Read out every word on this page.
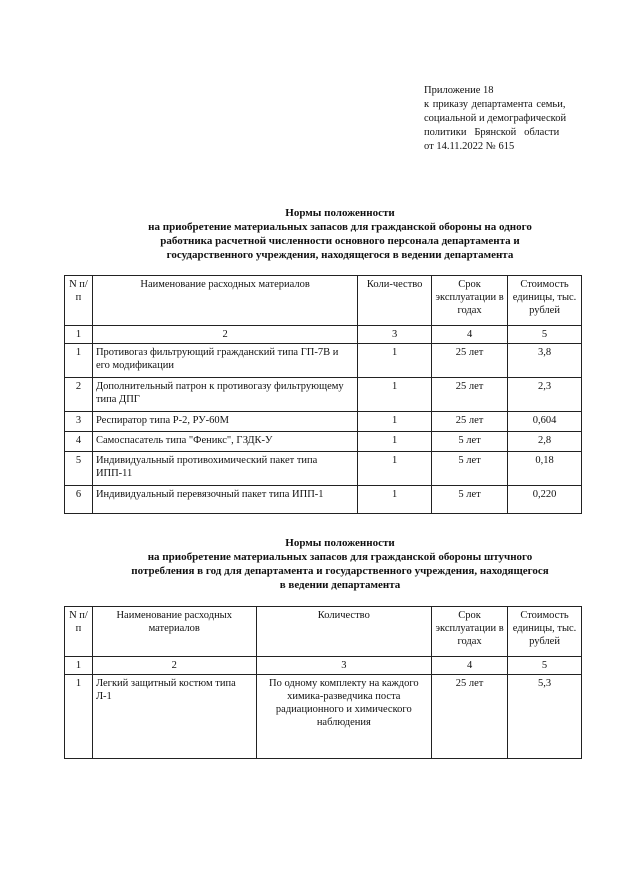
Приложение 18
к приказу департамента семьи,
социальной и демографической
политики   Брянской   области
от 14.11.2022 № 615
Нормы положенности
на приобретение материальных запасов для гражданской обороны на одного
работника расчетной численности основного персонала департамента и
государственного учреждения, находящегося в ведении департамента
N п/п	Наименование расходных материалов	Коли-чество	Срок эксплуатации в годах	Стоимость единицы, тыс. рублей
1	2	3	4	5
1	Противогаз фильтрующий гражданский типа ГП-7В и его модификации	1	25 лет	3,8
2	Дополнительный патрон к противогазу фильтрующему типа ДПГ	1	25 лет	2,3
3	Респиратор типа Р-2, РУ-60М	1	25 лет	0,604
4	Самоспасатель типа "Феникс", ГЗДК-У	1	5 лет	2,8
5	Индивидуальный противохимический пакет типа ИПП-11	1	5 лет	0,18
6	Индивидуальный перевязочный пакет типа ИПП-1	1	5 лет	0,220
Нормы положенности
на приобретение материальных запасов для гражданской обороны штучного
потребления в год для департамента и государственного учреждения, находящегося
в ведении департамента
N п/п	Наименование расходных материалов	Количество	Срок эксплуатации в годах	Стоимость единицы, тыс. рублей
1	2	3	4	5
1	Легкий защитный костюм типа Л-1	По одному комплекту на каждого химика-разведчика поста радиационного и химического наблюдения	25 лет	5,3
